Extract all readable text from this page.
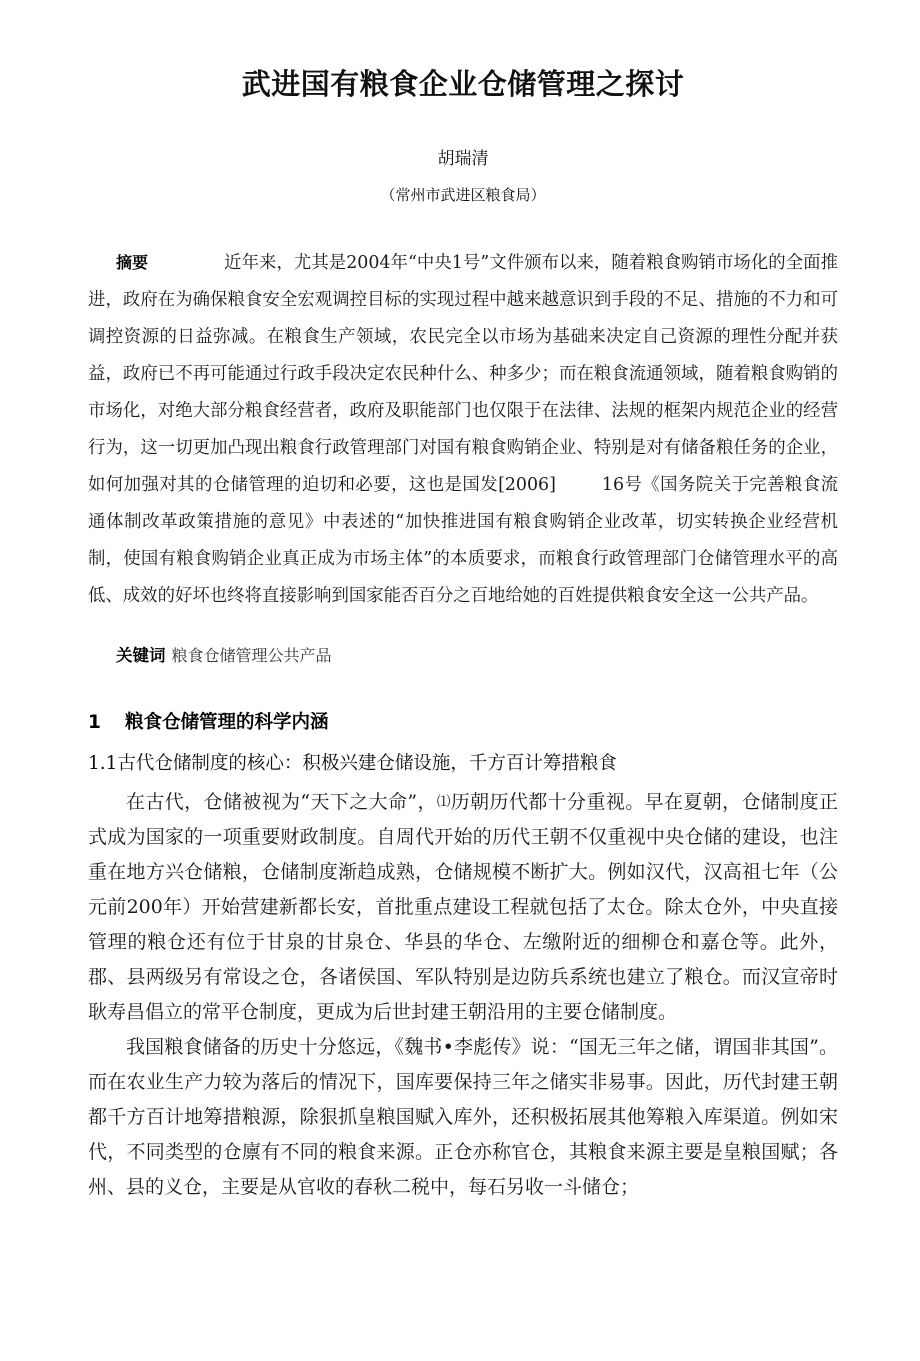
武进国有粮食企业仓储管理之探讨

胡瑞清

（常州市武进区粮食局）

摘要	近年来，尤其是2004年“中央1号”文件颁布以来，随着粮食购销市场化的全面推进，政府在为确保粮食安全宏观调控目标的实现过程中越来越意识到手段的不足、措施的不力和可调控资源的日益弥减。在粮食生产领域，农民完全以市场为基础来决定自己资源的理性分配并获益，政府已不再可能通过行政手段决定农民种什么、种多少；而在粮食流通领域，随着粮食购销的市场化，对绝大部分粮食经营者，政府及职能部门也仅限于在法律、法规的框架内规范企业的经营行为，这一切更加凸现出粮食行政管理部门对国有粮食购销企业、特别是对有储备粮任务的企业，如何加强对其的仓储管理的迫切和必要，这也是国发[2006]	16号《国务院关于完善粮食流通体制改革政策措施的意见》中表述的“加快推进国有粮食购销企业改革，切实转换企业经营机制，使国有粮食购销企业真正成为市场主体”的本质要求，而粮食行政管理部门仓储管理水平的高低、成效的好坏也终将直接影响到国家能否百分之百地给她的百姓提供粮食安全这一公共产品。

关键词 粮食仓储管理公共产品

1 粮食仓储管理的科学内涵

1.1古代仓储制度的核心：积极兴建仓储设施，千方百计筹措粮食

在古代，仓储被视为“天下之大命”，⑴历朝历代都十分重视。早在夏朝，仓储制度正式成为国家的一项重要财政制度。自周代开始的历代王朝不仅重视中央仓储的建设，也注重在地方兴仓储粮，仓储制度渐趋成熟，仓储规模不断扩大。例如汉代，汉高祖七年（公元前200年）开始营建新都长安，首批重点建设工程就包括了太仓。除太仓外，中央直接管理的粮仓还有位于甘泉的甘泉仓、华县的华仓、左缴附近的细柳仓和嘉仓等。此外，郡、县两级另有常设之仓，各诸侯国、军队特别是边防兵系统也建立了粮仓。而汉宣帝时耿寿昌倡立的常平仓制度，更成为后世封建王朝沿用的主要仓储制度。

我国粮食储备的历史十分悠远，《魏书•李彪传》说：“国无三年之储，谓国非其国”。而在农业生产力较为落后的情况下，国库要保持三年之储实非易事。因此，历代封建王朝都千方百计地筹措粮源，除狠抓皇粮国赋入库外，还积极拓展其他筹粮入库渠道。例如宋代，不同类型的仓廪有不同的粮食来源。正仓亦称官仓，其粮食来源主要是皇粮国赋；各州、县的义仓，主要是从官收的春秋二税中，每石另收一斗储仓；
